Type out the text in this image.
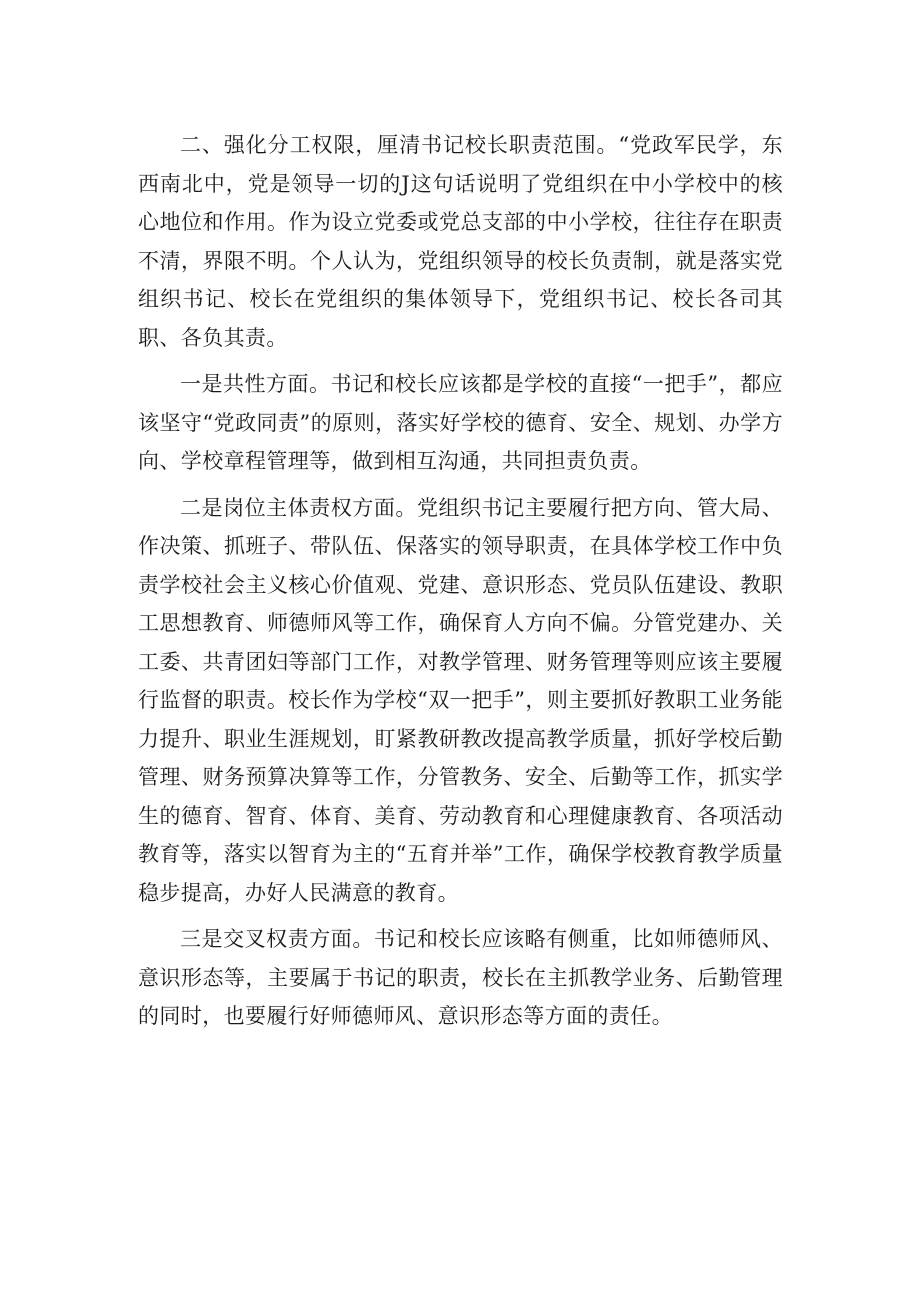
二、强化分工权限，厘清书记校长职责范围。“党政军民学，东西南北中，党是领导一切的J这句话说明了党组织在中小学校中的核心地位和作用。作为设立党委或党总支部的中小学校，往往存在职责不清，界限不明。个人认为，党组织领导的校长负责制，就是落实党组织书记、校长在党组织的集体领导下，党组织书记、校长各司其职、各负其责。

一是共性方面。书记和校长应该都是学校的直接“一把手”，都应该坚守“党政同责”的原则，落实好学校的德育、安全、规划、办学方向、学校章程管理等，做到相互沟通，共同担责负责。

二是岗位主体责权方面。党组织书记主要履行把方向、管大局、作决策、抓班子、带队伍、保落实的领导职责，在具体学校工作中负责学校社会主义核心价值观、党建、意识形态、党员队伍建设、教职工思想教育、师德师风等工作，确保育人方向不偏。分管党建办、关工委、共青团妇等部门工作，对教学管理、财务管理等则应该主要履行监督的职责。校长作为学校“双一把手”，则主要抓好教职工业务能力提升、职业生涯规划，盯紧教研教改提高教学质量，抓好学校后勤管理、财务预算决算等工作，分管教务、安全、后勤等工作，抓实学生的德育、智育、体育、美育、劳动教育和心理健康教育、各项活动教育等，落实以智育为主的“五育并举”工作，确保学校教育教学质量稳步提高，办好人民满意的教育。

三是交叉权责方面。书记和校长应该略有侧重，比如师德师风、意识形态等，主要属于书记的职责，校长在主抓教学业务、后勤管理的同时，也要履行好师德师风、意识形态等方面的责任。
